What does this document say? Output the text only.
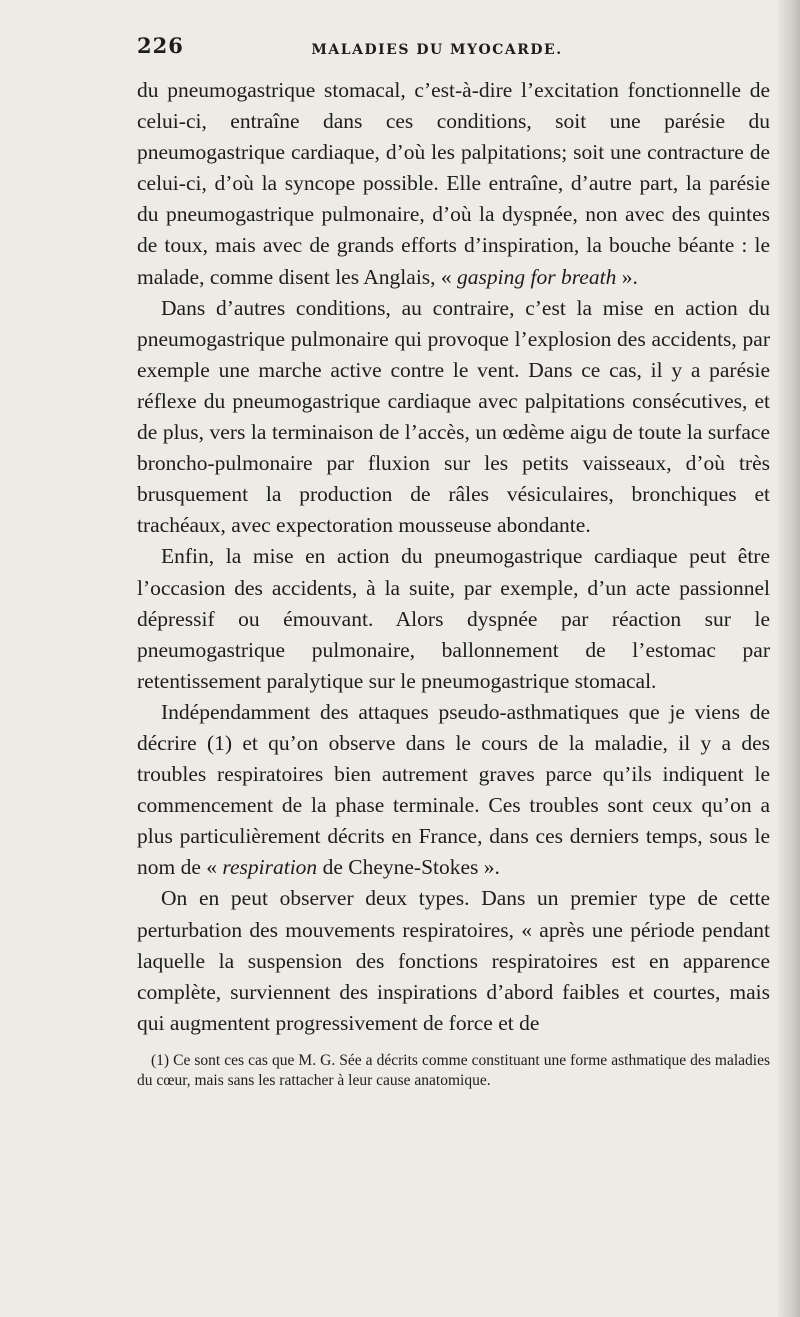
226	MALADIES DU MYOCARDE.

du pneumogastrique stomacal, c’est-à-dire l’excitation fonctionnelle de celui-ci, entraîne dans ces conditions, soit une parésie du pneumogastrique cardiaque, d’où les palpitations; soit une contracture de celui-ci, d’où la syncope possible. Elle entraîne, d’autre part, la parésie du pneumogastrique pulmonaire, d’où la dyspnée, non avec des quintes de toux, mais avec de grands efforts d’inspiration, la bouche béante : le malade, comme disent les Anglais, « gasping for breath ».

Dans d’autres conditions, au contraire, c’est la mise en action du pneumogastrique pulmonaire qui provoque l’explosion des accidents, par exemple une marche active contre le vent. Dans ce cas, il y a parésie réflexe du pneumogastrique cardiaque avec palpitations consécutives, et de plus, vers la terminaison de l’accès, un œdème aigu de toute la surface broncho-pulmonaire par fluxion sur les petits vaisseaux, d’où très brusquement la production de râles vésiculaires, bronchiques et trachéaux, avec expectoration mousseuse abondante.

Enfin, la mise en action du pneumogastrique cardiaque peut être l’occasion des accidents, à la suite, par exemple, d’un acte passionnel dépressif ou émouvant. Alors dyspnée par réaction sur le pneumogastrique pulmonaire, ballonnement de l’estomac par retentissement paralytique sur le pneumogastrique stomacal.

Indépendamment des attaques pseudo-asthmatiques que je viens de décrire (1) et qu’on observe dans le cours de la maladie, il y a des troubles respiratoires bien autrement graves parce qu’ils indiquent le commencement de la phase terminale. Ces troubles sont ceux qu’on a plus particulièrement décrits en France, dans ces derniers temps, sous le nom de « respiration de Cheyne-Stokes ».

On en peut observer deux types. Dans un premier type de cette perturbation des mouvements respiratoires, « après une période pendant laquelle la suspension des fonctions respiratoires est en apparence complète, surviennent des inspirations d’abord faibles et courtes, mais qui augmentent progressivement de force et de

(1) Ce sont ces cas que M. G. Sée a décrits comme constituant une forme asthmatique des maladies du cœur, mais sans les rattacher à leur cause anatomique.
